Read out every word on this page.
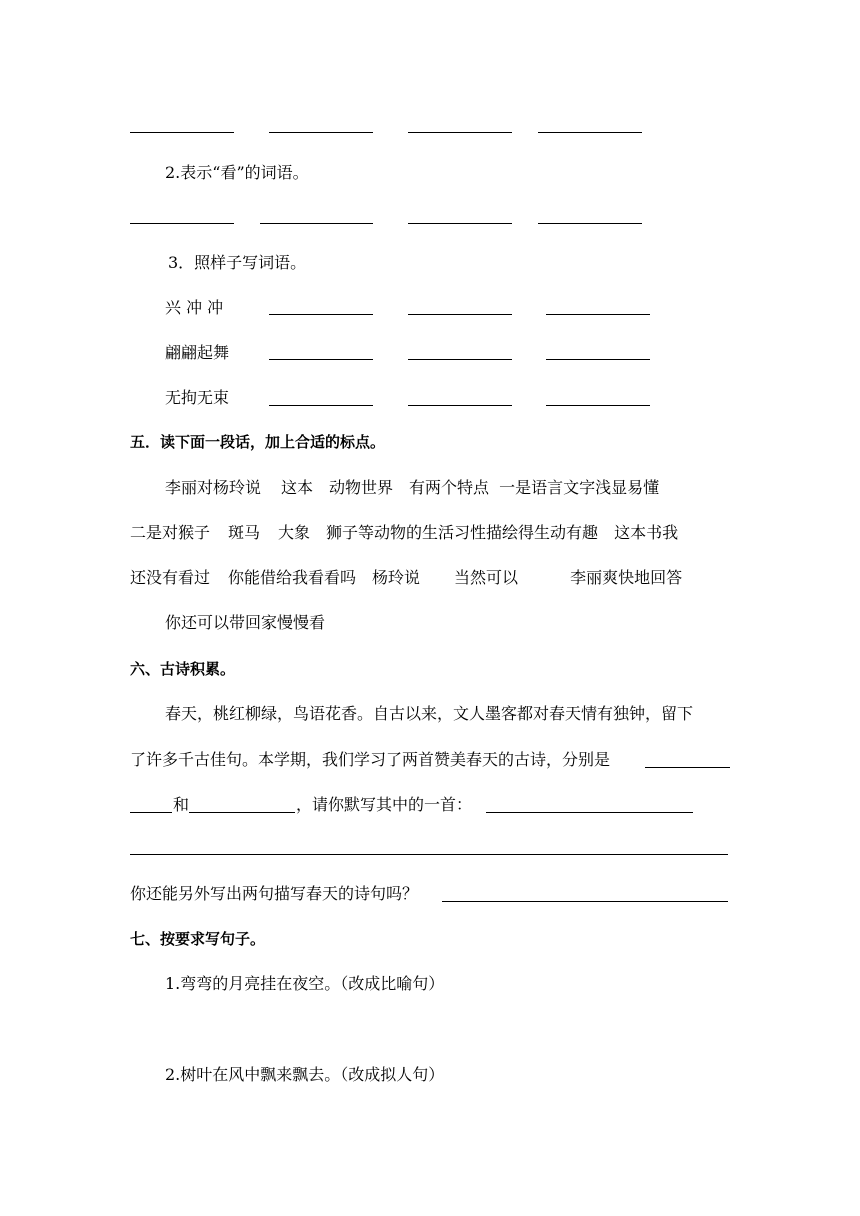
2.表示“看”的词语。
3．照样子写词语。
兴 冲 冲
翩翩起舞
无拘无束
五．读下面一段话，加上合适的标点。
李丽对杨玲说 这本 动物世界 有两个特点 一是语言文字浅显易懂
二是对猴子 斑马 大象 狮子等动物的生活习性描绘得生动有趣 这本书我
还没有看过 你能借给我看看吗 杨玲说 当然可以	李丽爽快地回答
你还可以带回家慢慢看
六、古诗积累。
春天，桃红柳绿，鸟语花香。自古以来，文人墨客都对春天情有独钟，留下
了许多千古佳句。本学期，我们学习了两首赞美春天的古诗，分别是
和	，请你默写其中的一首：
你还能另外写出两句描写春天的诗句吗？
七、按要求写句子。
1.弯弯的月亮挂在夜空。（改成比喻句）
2.树叶在风中飘来飘去。（改成拟人句）
